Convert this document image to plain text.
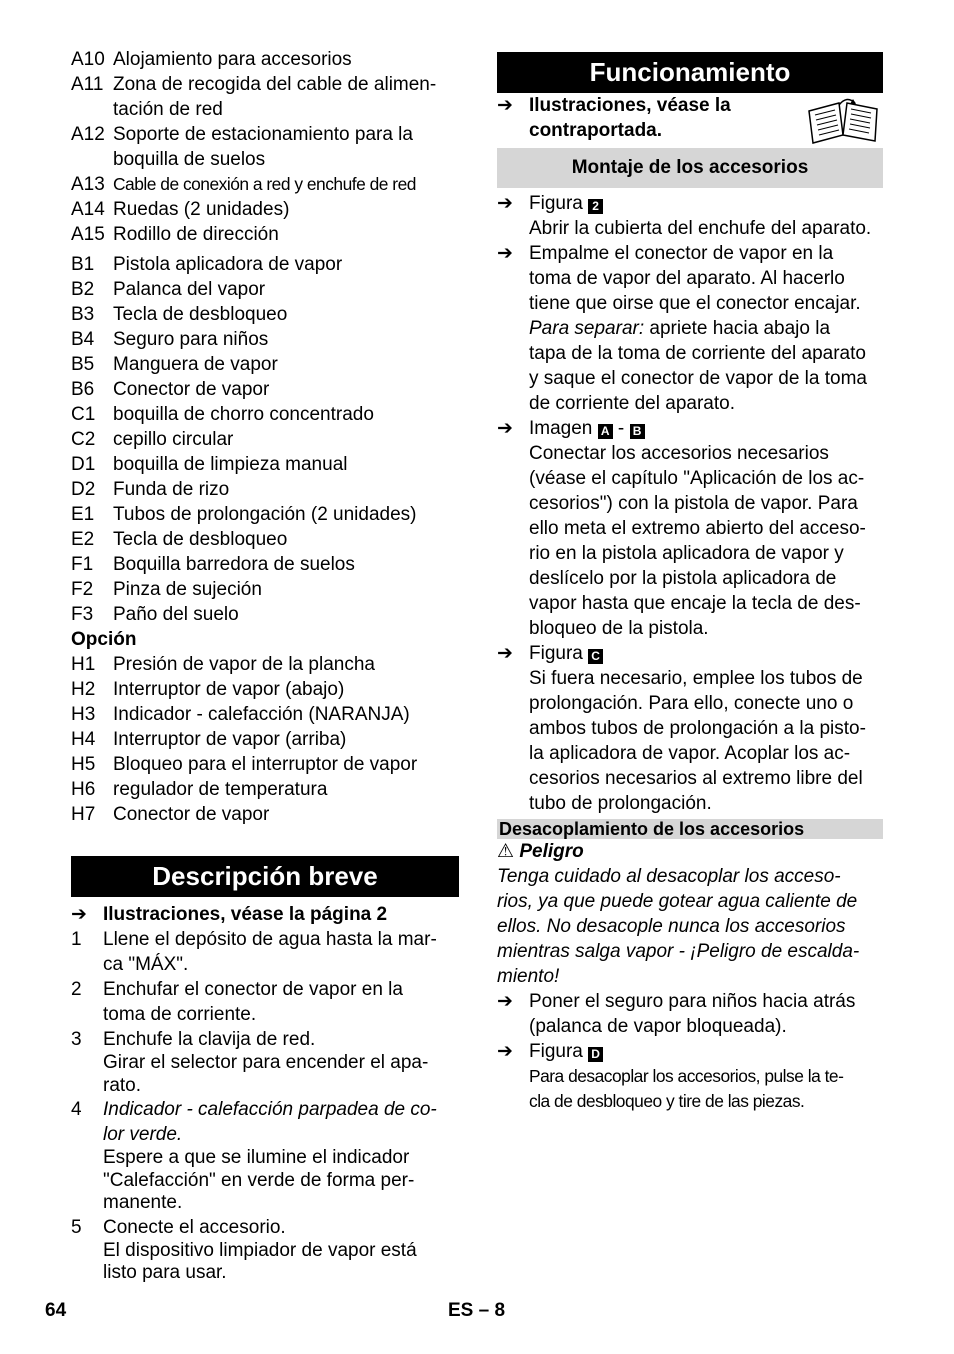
A10 Alojamiento para accesorios
A11 Zona de recogida del cable de alimen-
tación de red
A12 Soporte de estacionamiento para la boquilla de suelos
A13 Cable de conexión a red y enchufe de red
A14 Ruedas (2 unidades)
A15 Rodillo de dirección
B1 Pistola aplicadora de vapor
B2 Palanca del vapor
B3 Tecla de desbloqueo
B4 Seguro para niños
B5 Manguera de vapor
B6 Conector de vapor
C1 boquilla de chorro concentrado
C2 cepillo circular
D1 boquilla de limpieza manual
D2 Funda de rizo
E1 Tubos de prolongación (2 unidades)
E2 Tecla de desbloqueo
F1	Boquilla barredora de suelos
F2	Pinza de sujeción
F3	Paño del suelo
Opción
H1 Presión de vapor de la plancha
H2 Interruptor de vapor (abajo)
H3 Indicador - calefacción (NARANJA)
H4 Interruptor de vapor (arriba)
H5 Bloqueo para el interruptor de vapor
H6 regulador de temperatura
H7 Conector de vapor
Descripción breve
➔ Ilustraciones, véase la página 2
1	Llene el depósito de agua hasta la mar-
ca "MÁX".
2	Enchufar el conector de vapor en la
toma de corriente.
3	Enchufe la clavija de red.
Girar el selector para encender el apa-
rato.
4	Indicador - calefacción parpadea de co-
lor verde.
Espere a que se ilumine el indicador
"Calefacción" en verde de forma per-
manente.
5	Conecte el accesorio.
El dispositivo limpiador de vapor está
listo para usar.
Funcionamiento
➔ Ilustraciones, véase la
contraportada.
Montaje de los accesorios
➔ Figura 2
Abrir la cubierta del enchufe del aparato.
➔ Empalme el conector de vapor en la
toma de vapor del aparato. Al hacerlo
tiene que oirse que el conector encajar.
Para separar: apriete hacia abajo la
tapa de la toma de corriente del aparato
y saque el conector de vapor de la toma
de corriente del aparato.
➔ Imagen A - B
Conectar los accesorios necesarios
(véase el capítulo "Aplicación de los ac-
cesorios") con la pistola de vapor. Para
ello meta el extremo abierto del acceso-
rio en la pistola aplicadora de vapor y
deslícelo por la pistola aplicadora de
vapor hasta que encaje la tecla de des-
bloqueo de la pistola.
➔ Figura C
Si fuera necesario, emplee los tubos de
prolongación. Para ello, conecte uno o
ambos tubos de prolongación a la pisto-
la aplicadora de vapor. Acoplar los ac-
cesorios necesarios al extremo libre del
tubo de prolongación.
Desacoplamiento de los accesorios
⚠ Peligro
Tenga cuidado al desacoplar los acceso-
rios, ya que puede gotear agua caliente de
ellos. No desacople nunca los accesorios
mientras salga vapor - ¡Peligro de escalda-
miento!
➔ Poner el seguro para niños hacia atrás
(palanca de vapor bloqueada).
➔ Figura D
Para desacoplar los accesorios, pulse la te-
cla de desbloqueo y tire de las piezas.
64	ES – 8
